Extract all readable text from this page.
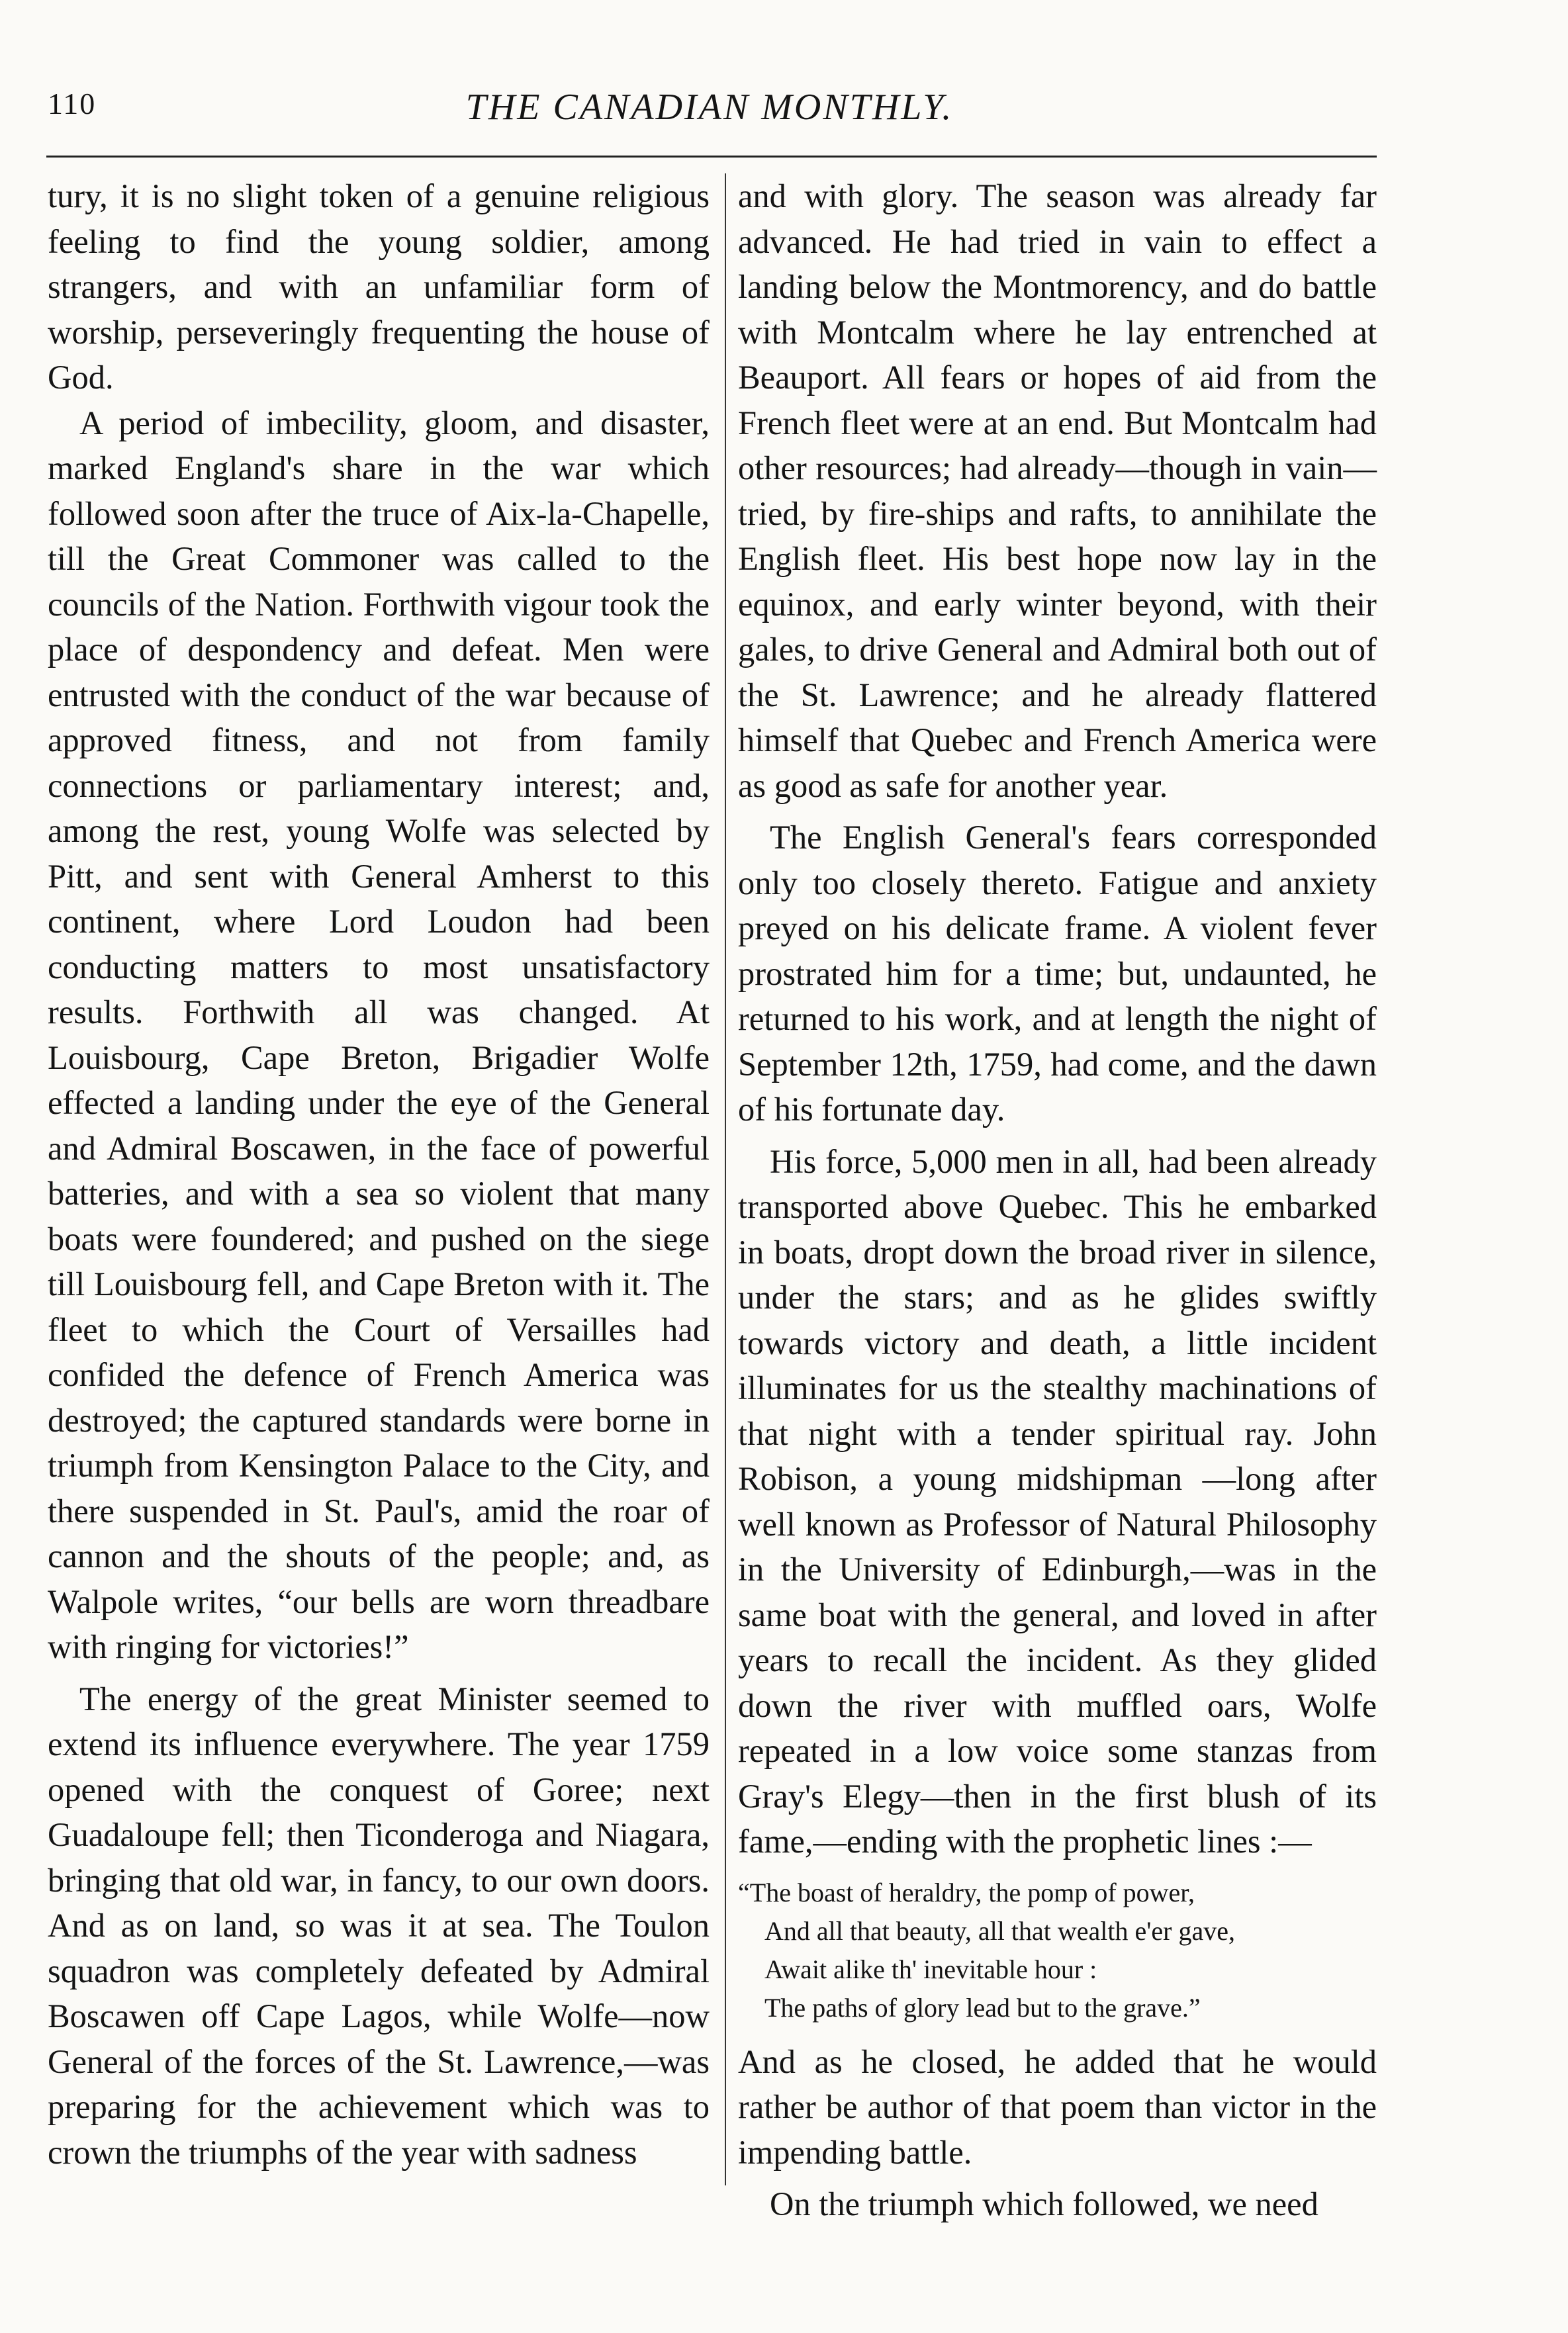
110	THE CANADIAN MONTHLY.

tury, it is no slight token of a genuine religious feeling to find the young soldier, among strangers, and with an unfamiliar form of worship, perseveringly frequenting the house of God.

A period of imbecility, gloom, and disaster, marked England's share in the war which followed soon after the truce of Aix-la-Chapelle, till the Great Commoner was called to the councils of the Nation. Forthwith vigour took the place of despondency and defeat. Men were entrusted with the conduct of the war because of approved fitness, and not from family connections or parliamentary interest; and, among the rest, young Wolfe was selected by Pitt, and sent with General Amherst to this continent, where Lord Loudon had been conducting matters to most unsatisfactory results. Forthwith all was changed. At Louisbourg, Cape Breton, Brigadier Wolfe effected a landing under the eye of the General and Admiral Boscawen, in the face of powerful batteries, and with a sea so violent that many boats were foundered; and pushed on the siege till Louisbourg fell, and Cape Breton with it. The fleet to which the Court of Versailles had confided the defence of French America was destroyed; the captured standards were borne in triumph from Kensington Palace to the City, and there suspended in St. Paul's, amid the roar of cannon and the shouts of the people; and, as Walpole writes, “our bells are worn threadbare with ringing for victories!”

The energy of the great Minister seemed to extend its influence everywhere. The year 1759 opened with the conquest of Goree; next Guadaloupe fell; then Ticonderoga and Niagara, bringing that old war, in fancy, to our own doors. And as on land, so was it at sea. The Toulon squadron was completely defeated by Admiral Boscawen off Cape Lagos, while Wolfe—now General of the forces of the St. Lawrence,—was preparing for the achievement which was to crown the triumphs of the year with sadness

and with glory. The season was already far advanced. He had tried in vain to effect a landing below the Montmorency, and do battle with Montcalm where he lay entrenched at Beauport. All fears or hopes of aid from the French fleet were at an end. But Montcalm had other resources; had already—though in vain—tried, by fire-ships and rafts, to annihilate the English fleet. His best hope now lay in the equinox, and early winter beyond, with their gales, to drive General and Admiral both out of the St. Lawrence; and he already flattered himself that Quebec and French America were as good as safe for another year.

The English General's fears corresponded only too closely thereto. Fatigue and anxiety preyed on his delicate frame. A violent fever prostrated him for a time; but, undaunted, he returned to his work, and at length the night of September 12th, 1759, had come, and the dawn of his fortunate day.

His force, 5,000 men in all, had been already transported above Quebec. This he embarked in boats, dropt down the broad river in silence, under the stars; and as he glides swiftly towards victory and death, a little incident illuminates for us the stealthy machinations of that night with a tender spiritual ray. John Robison, a young midshipman —long after well known as Professor of Natural Philosophy in the University of Edinburgh,—was in the same boat with the general, and loved in after years to recall the incident. As they glided down the river with muffled oars, Wolfe repeated in a low voice some stanzas from Gray's Elegy—then in the first blush of its fame,—ending with the prophetic lines :—

“The boast of heraldry, the pomp of power,
And all that beauty, all that wealth e'er gave,
Await alike th' inevitable hour :
The paths of glory lead but to the grave.”

And as he closed, he added that he would rather be author of that poem than victor in the impending battle.

On the triumph which followed, we need
